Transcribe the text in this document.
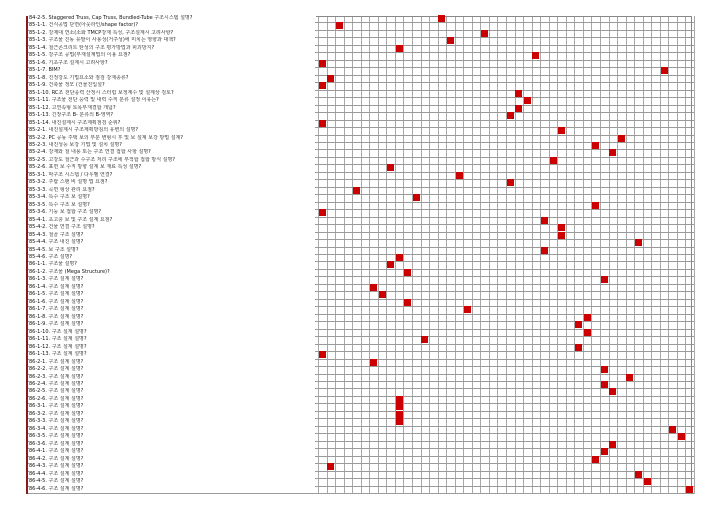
84-2-5. Staggered Truss, Cap Truss, Bundled-Tube 구조시스템 설명?
85-1-1. 건식공법 단면(아웃라인/shape factor)?
85-1-2. 강제대 연소(소화 TMCP강재 특성, 구조설계시 고려사항?
85-1-3. 구조물 진동 유발이 사용성(거주성)에 미치는 영향과 대책?
85-1-4. 철근콘크리트 탄성의 구조 평가방법과 피괴방지?
85-1-5. 강구조 공법(부재설계법의 이용 요점?
85-1-6. 기초구조 설계시 고려사항?
85-1-7. BIM?
85-1-8. 진정강도 기법요소와 점검 강재종류?
85-1-9. 건축물 정모 (건물진입설?
85-1-10. RC조 전단응력 산정시 스터럽 보정계수 및 설계상 검토?
85-1-11. 구조물 전단 응력 및 내력 수직 분류 설정 이유는?
85-1-12. 고연속형 토목부재결합 개념?
85-1-13. 긴장구조 B- 분류의 B-영역?
85-1-14. 내진설계시 구조계획점검 순위?
85-2-1. 내진설계시 구조계획방침의 유변의 설명?
85-2-2. PC 공동 주택 보의 부분 변형시 후 및 보 설계 보강 방법 설계?
85-2-3. 내진성능 보강 기법 및 설치 설명?
85-2-4. 강재와 철 내용 또는 구조 연결 접합 사항 설명?
85-2-5. 고강도 철근과 수구조 처리 구조에 부적합 접합 방식 설명?
85-2-6. 표면 보 수직 방향 설계 보 재료 특성 설명?
85-3-1. 막구조 시스템 / 다우벨 연결?
85-3-2. 주탑 스팬 비 설명 법 요점?
85-3-3. 곡면 형상 관리 요점?
85-3-4. 특수 구조 보 설명?
85-3-5. 특수 구조 보 설명?
85-3-6. 기둥 보 접합 구조 설명?
85-4-1. 초고층 보 및 구조 설계 요점?
85-4-2. 건물 연결 구조 설명?
85-4-3. 철골 구조 설명?
85-4-4. 구조 내진 설명?
85-4-5. 보 구조 설명?
85-4-6. 구조 설명?
86-1-1. 구조물 설명?
86-1-2. 구조물 (Mega Structure)?
86-1-3. 구조 설계 설명?
86-1-4. 구조 설계 설명?
86-1-5. 구조 설계 설명?
86-1-6. 구조 설계 설명?
86-1-7. 구조 설계 설명?
86-1-8. 구조 설계 설명?
86-1-9. 구조 설계 설명?
86-1-10. 구조 설계 설명?
86-1-11. 구조 설계 설명?
86-1-12. 구조 설계 설명?
86-1-13. 구조 설계 설명?
86-2-1. 구조 설계 설명?
86-2-2. 구조 설계 설명?
86-2-3. 구조 설계 설명?
86-2-4. 구조 설계 설명?
86-2-5. 구조 설계 설명?
86-2-6. 구조 설계 설명?
86-3-1. 구조 설계 설명?
86-3-2. 구조 설계 설명?
86-3-3. 구조 설계 설명?
86-3-4. 구조 설계 설명?
86-3-5. 구조 설계 설명?
86-3-6. 구조 설계 설명?
86-4-1. 구조 설계 설명?
86-4-2. 구조 설계 설명?
86-4-3. 구조 설계 설명?
86-4-4. 구조 설계 설명?
86-4-5. 구조 설계 설명?
86-4-6. 구조 설계 설명?
